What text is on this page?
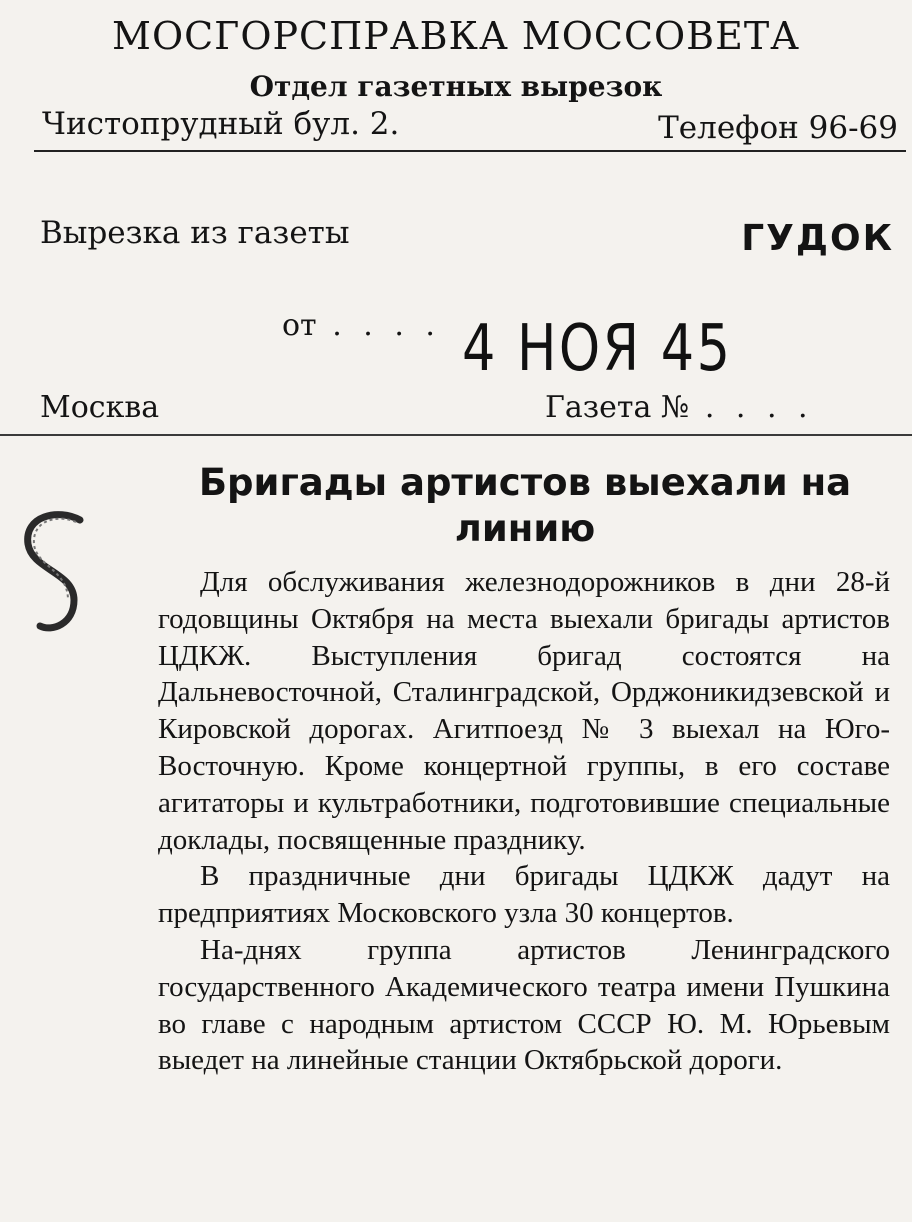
МОСГОРСПРАВКА МОССОВЕТА
Отдел газетных вырезок
Чистопрудный бул. 2.	Телефон 96-69
Вырезка из газеты	ГУДОК
от . . . . 4 НОЯ 45
Москва	Газета № . . . .
Бригады артистов выехали на линию

Для обслуживания железнодорожников в дни 28-й годовщины Октября на места выехали бригады артистов ЦДКЖ. Выступления бригад состоятся на Дальневосточной, Сталинградской, Орджоникидзевской и Кировской дорогах. Агитпоезд № 3 выехал на Юго-Восточную. Кроме концертной группы, в его составе агитаторы и культработники, подготовившие специальные доклады, посвященные празднику.

В праздничные дни бригады ЦДКЖ дадут на предприятиях Московского узла 30 концертов.

На-днях группа артистов Ленинградского государственного Академического театра имени Пушкина во главе с народным артистом СССР Ю. М. Юрьевым выедет на линейные станции Октябрьской дороги.
